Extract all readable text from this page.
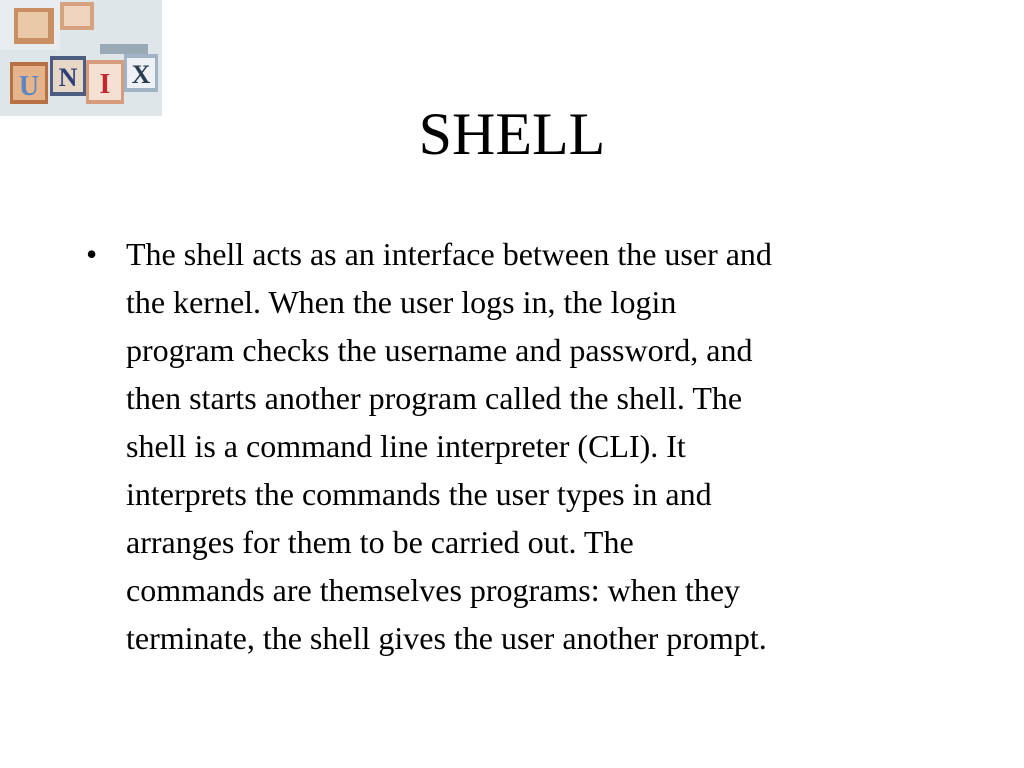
U N I X
SHELL
• The shell acts as an interface between the user and
the kernel. When the user logs in, the login
program checks the username and password, and
then starts another program called the shell. The
shell is a command line interpreter (CLI). It
interprets the commands the user types in and
arranges for them to be carried out. The
commands are themselves programs: when they
terminate, the shell gives the user another prompt.
